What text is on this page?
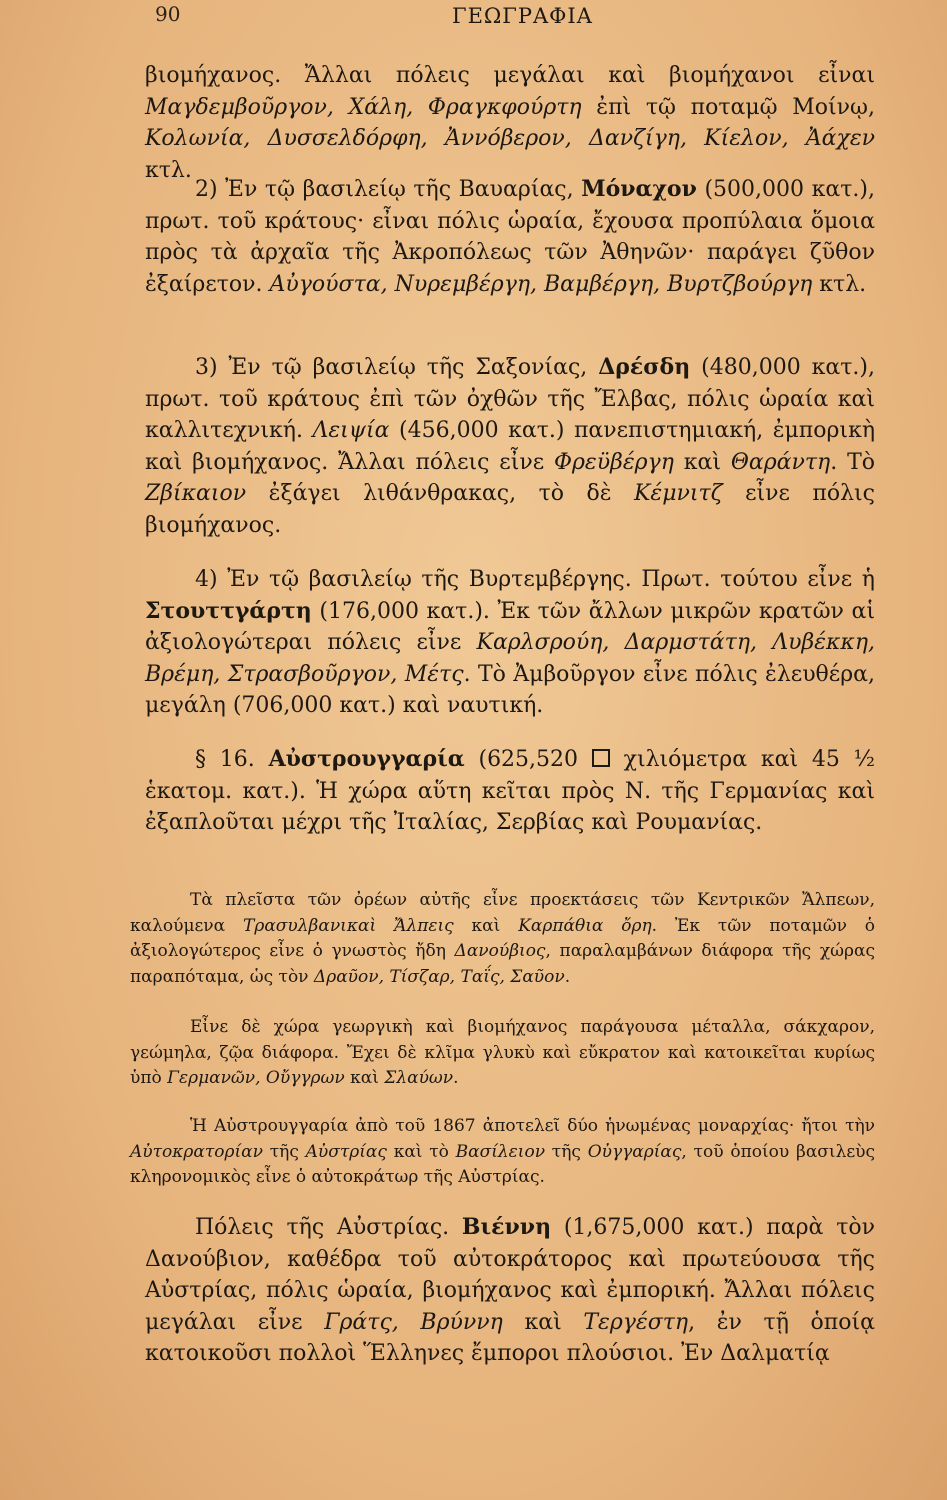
90	ΓΕΩΓΡΑΦΙΑ

βιομήχανος. Ἄλλαι πόλεις μεγάλαι καὶ βιομήχανοι εἶναι Μαγδεμβοῦργον, Χάλη, Φραγκφούρτη ἐπὶ τῷ ποταμῷ Μοίνῳ, Κολωνία, Δυσσελδόρφη, Ἀννόβερον, Δανζίγη, Κίελον, Ἀάχεν κτλ.

2) Ἐν τῷ βασιλείῳ τῆς Βαυαρίας, Μόναχον (500,000 κατ.), πρωτ. τοῦ κράτους· εἶναι πόλις ὡραία, ἔχουσα προπύλαια ὅμοια πρὸς τὰ ἀρχαῖα τῆς Ἀκροπόλεως τῶν Ἀθηνῶν· παράγει ζῦθον ἐξαίρετον. Αὐγούστα, Νυρεμβέργη, Βαμβέργη, Βυρτζβούργη κτλ.

3) Ἐν τῷ βασιλείῳ τῆς Σαξονίας, Δρέσδη (480,000 κατ.), πρωτ. τοῦ κράτους ἐπὶ τῶν ὀχθῶν τῆς Ἔλβας, πόλις ὡραία καὶ καλλιτεχνική. Λειψία (456,000 κατ.) πανεπιστημιακή, ἐμπορικὴ καὶ βιομήχανος. Ἄλλαι πόλεις εἶνε Φρεϋβέργη καὶ Θαράντη. Τὸ Ζβίκαιον ἐξάγει λιθάνθρακας, τὸ δὲ Κέμνιτζ εἶνε πόλις βιομήχανος.

4) Ἐν τῷ βασιλείῳ τῆς Βυρτεμβέργης. Πρωτ. τούτου εἶνε ἡ Στουττγάρτη (176,000 κατ.). Ἐκ τῶν ἄλλων μικρῶν κρατῶν αἱ ἀξιολογώτεραι πόλεις εἶνε Καρλσρούη, Δαρμστάτη, Λυβέκκη, Βρέμη, Στρασβοῦργον, Μέτς. Τὸ Ἀμβοῦργον εἶνε πόλις ἐλευθέρα, μεγάλη (706,000 κατ.) καὶ ναυτική.

§ 16. Αὐστρουγγαρία (625,520  χιλιόμετρα καὶ 45 ½ ἑκατομ. κατ.). Ἡ χώρα αὕτη κεῖται πρὸς Ν. τῆς Γερμανίας καὶ ἐξαπλοῦται μέχρι τῆς Ἰταλίας, Σερβίας καὶ Ρουμανίας.

Τὰ πλεῖστα τῶν ὀρέων αὐτῆς εἶνε προεκτάσεις τῶν Κεντρικῶν Ἄλπεων, καλούμενα Τρασυλβανικαὶ Ἄλπεις καὶ Καρπάθια ὄρη. Ἐκ τῶν ποταμῶν ὁ ἀξιολογώτερος εἶνε ὁ γνωστὸς ἤδη Δανούβιος, παραλαμβάνων διάφορα τῆς χώρας παραπόταμα, ὡς τὸν Δραῦον, Τίσζαρ, Ταΐς, Σαῦον.

Εἶνε δὲ χώρα γεωργικὴ καὶ βιομήχανος παράγουσα μέταλλα, σάκχαρον, γεώμηλα, ζῷα διάφορα. Ἔχει δὲ κλῖμα γλυκὺ καὶ εὔκρατον καὶ κατοικεῖται κυρίως ὑπὸ Γερμανῶν, Οὔγγρων καὶ Σλαύων.

Ἡ Αὐστρουγγαρία ἀπὸ τοῦ 1867 ἀποτελεῖ δύο ἡνωμένας μοναρχίας· ἤτοι τὴν Αὐτοκρατορίαν τῆς Αὐστρίας καὶ τὸ Βασίλειον τῆς Οὐγγαρίας, τοῦ ὁποίου βασιλεὺς κληρονομικὸς εἶνε ὁ αὐτοκράτωρ τῆς Αὐστρίας.

Πόλεις τῆς Αὐστρίας. Βιέννη (1,675,000 κατ.) παρὰ τὸν Δανούβιον, καθέδρα τοῦ αὐτοκράτορος καὶ πρωτεύουσα τῆς Αὐστρίας, πόλις ὡραία, βιομήχανος καὶ ἐμπορική. Ἄλλαι πόλεις μεγάλαι εἶνε Γράτς, Βρύννη καὶ Τεργέστη, ἐν τῇ ὁποίᾳ κατοικοῦσι πολλοὶ Ἕλληνες ἔμποροι πλούσιοι. Ἐν Δαλματίᾳ
